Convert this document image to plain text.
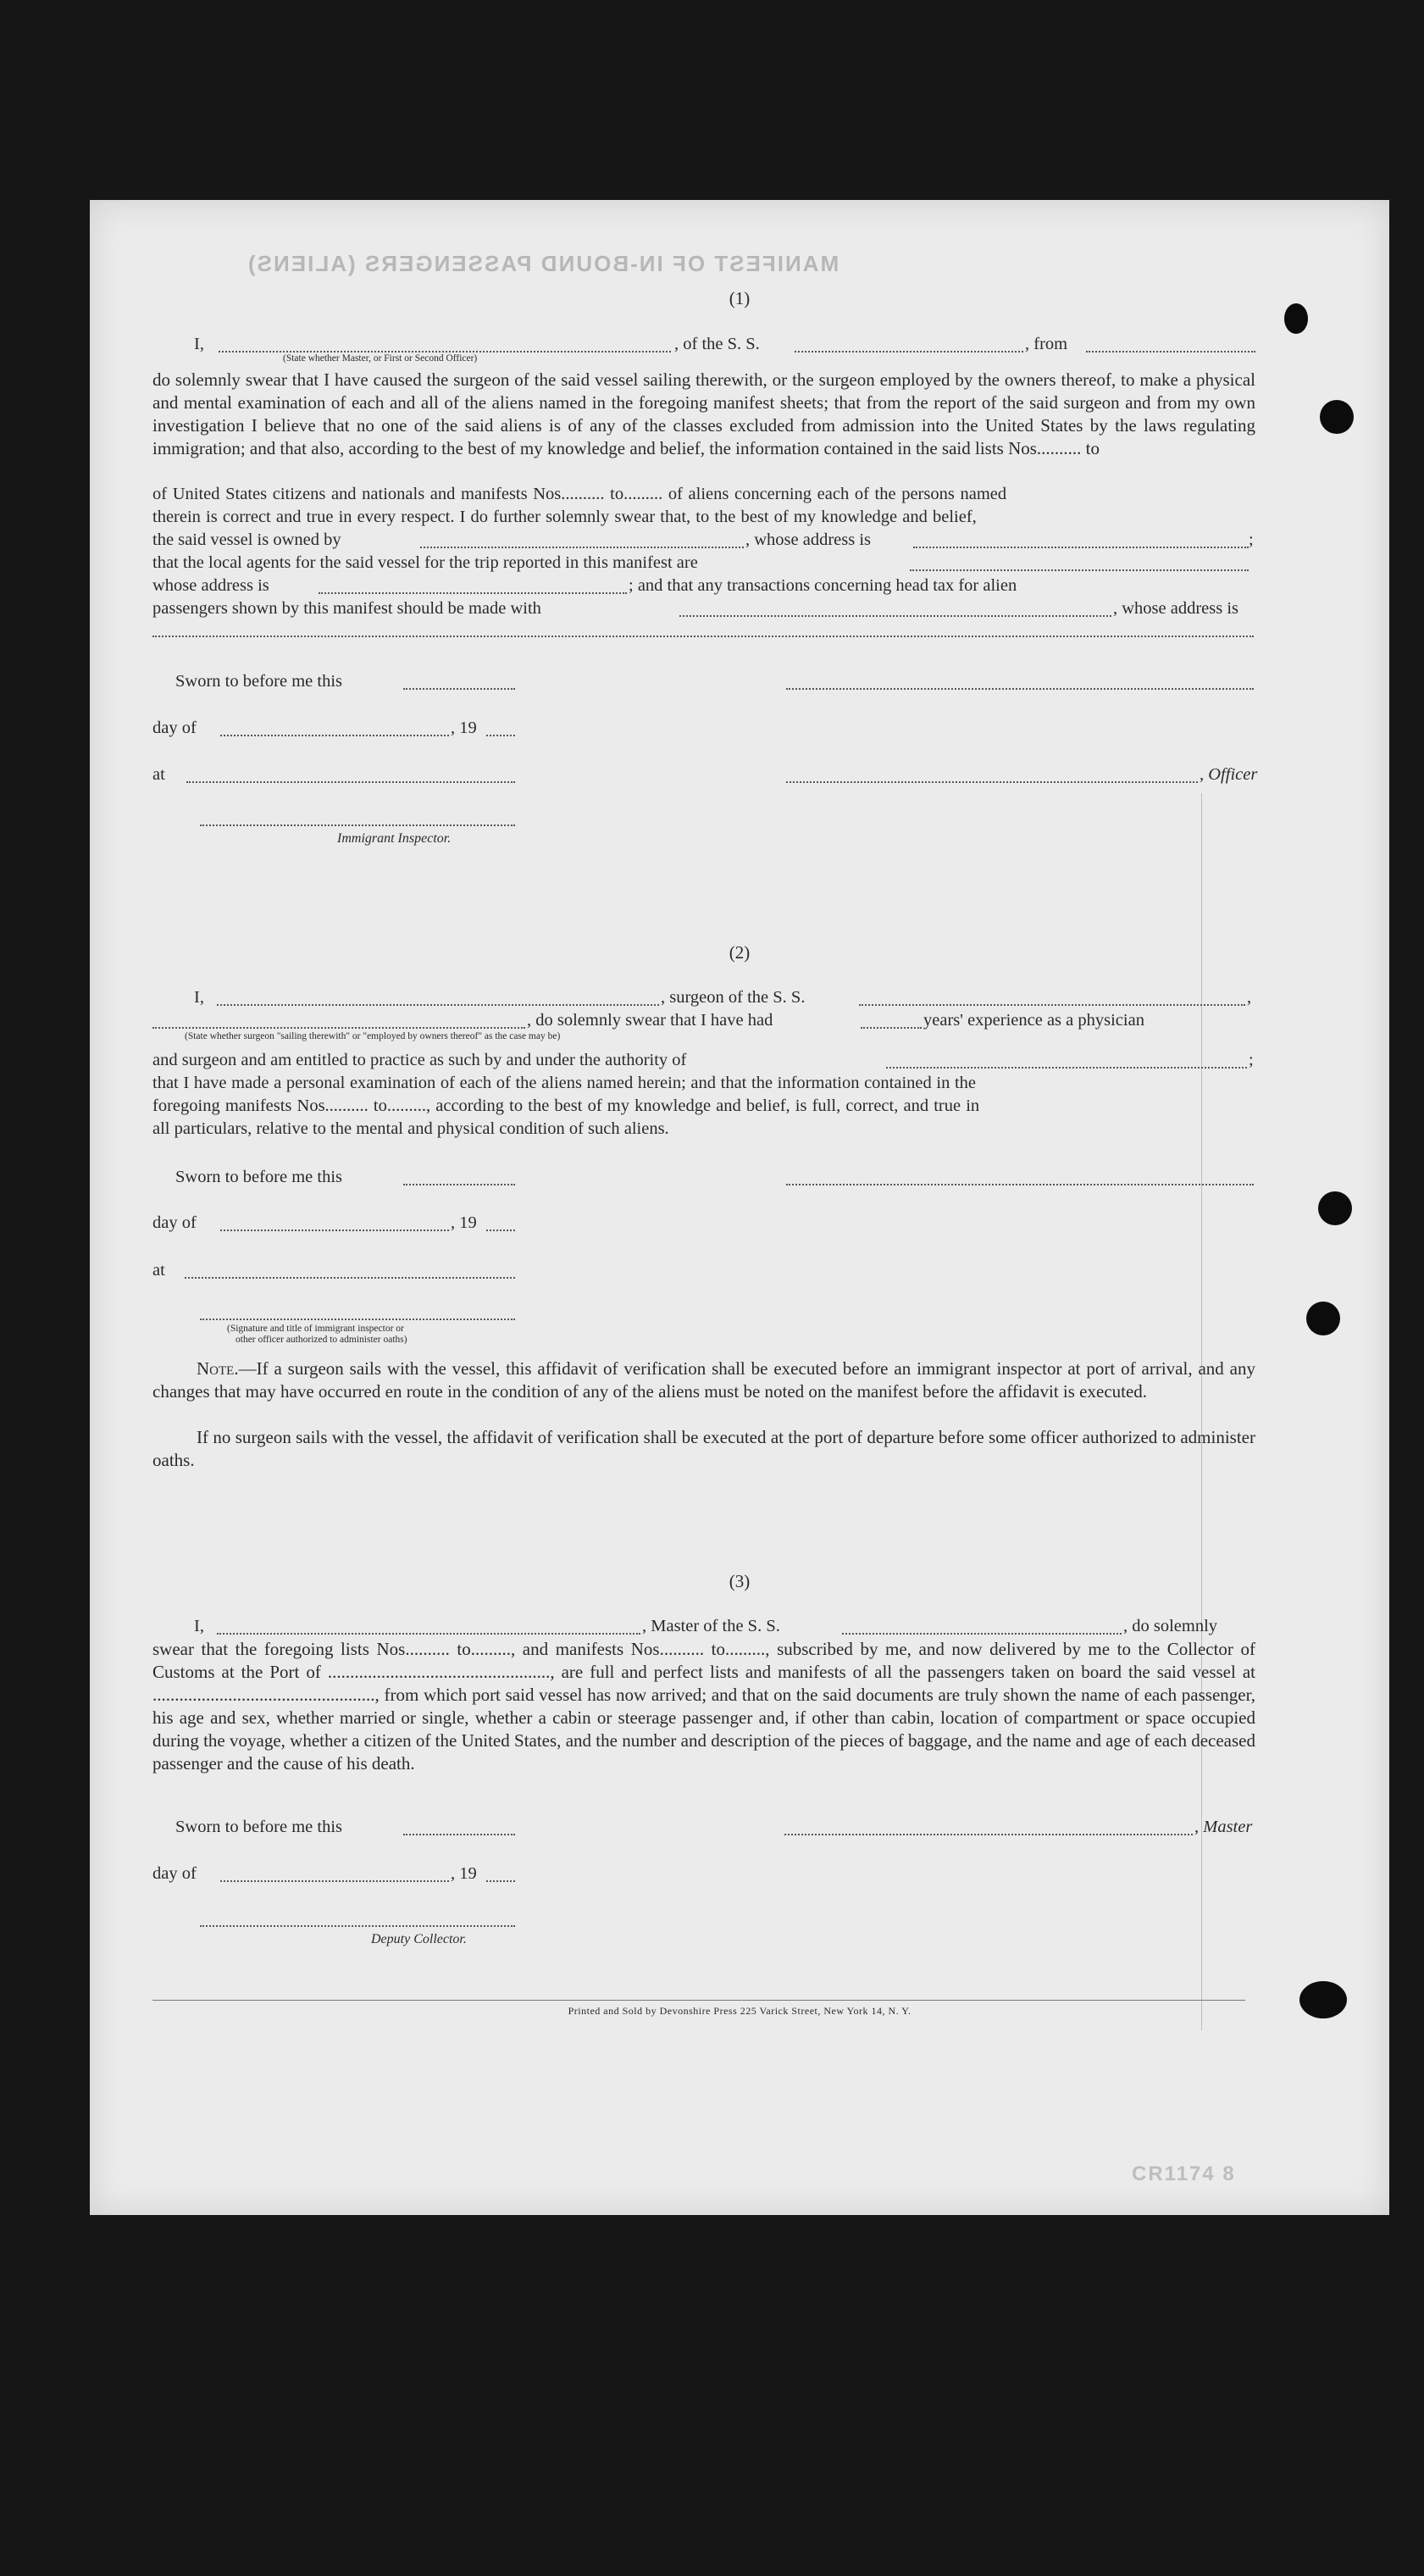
MANIFEST OF IN-BOUND PASSENGERS (ALIENS)
CR1174 8
(1)
I,	, of the S. S.	, from
(State whether Master, or First or Second Officer)
do solemnly swear that I have caused the surgeon of the said vessel sailing therewith, or the surgeon employed by the owners thereof, to make a physical and mental examination of each and all of the aliens named in the foregoing manifest sheets; that from the report of the said surgeon and from my own investigation I believe that no one of the said aliens is of any of the classes excluded from admission into the United States by the laws regulating immigration; and that also, according to the best of my knowledge and belief, the information contained in the said lists Nos.......... to
of United States citizens and nationals and manifests Nos.......... to......... of aliens concerning each of the persons named
therein is correct and true in every respect. I do further solemnly swear that, to the best of my knowledge and belief,
the said vessel is owned by	, whose address is	;
that the local agents for the said vessel for the trip reported in this manifest are
whose address is	; and that any transactions concerning head tax for alien
passengers shown by this manifest should be made with	, whose address is
Sworn to before me this
day of	, 19
at	, Officer
Immigrant Inspector.
(2)
I,	, surgeon of the S. S.	,
, do solemnly swear that I have had	years' experience as a physician
(State whether surgeon "sailing therewith" or "employed by owners thereof" as the case may be)
and surgeon and am entitled to practice as such by and under the authority of	;
that I have made a personal examination of each of the aliens named herein; and that the information contained in the
foregoing manifests Nos.......... to........., according to the best of my knowledge and belief, is full, correct, and true in
all particulars, relative to the mental and physical condition of such aliens.
Sworn to before me this
day of	, 19
at
(Signature and title of immigrant inspector or
other officer authorized to administer oaths)
Note.—If a surgeon sails with the vessel, this affidavit of verification shall be executed before an immigrant inspector at port of arrival, and any changes that may have occurred en route in the condition of any of the aliens must be noted on the manifest before the affidavit is executed.
If no surgeon sails with the vessel, the affidavit of verification shall be executed at the port of departure before some officer authorized to administer oaths.
(3)
I,	, Master of the S. S.	, do solemnly
swear that the foregoing lists Nos.......... to........., and manifests Nos.......... to........., subscribed by me, and now delivered by me to the Collector of Customs at the Port of .................................................., are full and perfect lists and manifests of all the passengers taken on board the said vessel at .................................................., from which port said vessel has now arrived; and that on the said documents are truly shown the name of each passenger, his age and sex, whether married or single, whether a cabin or steerage passenger and, if other than cabin, location of compartment or space occupied during the voyage, whether a citizen of the United States, and the number and description of the pieces of baggage, and the name and age of each deceased passenger and the cause of his death.
Sworn to before me this	, Master
day of	, 19
Deputy Collector.
Printed and Sold by Devonshire Press 225 Varick Street, New York 14, N. Y.
